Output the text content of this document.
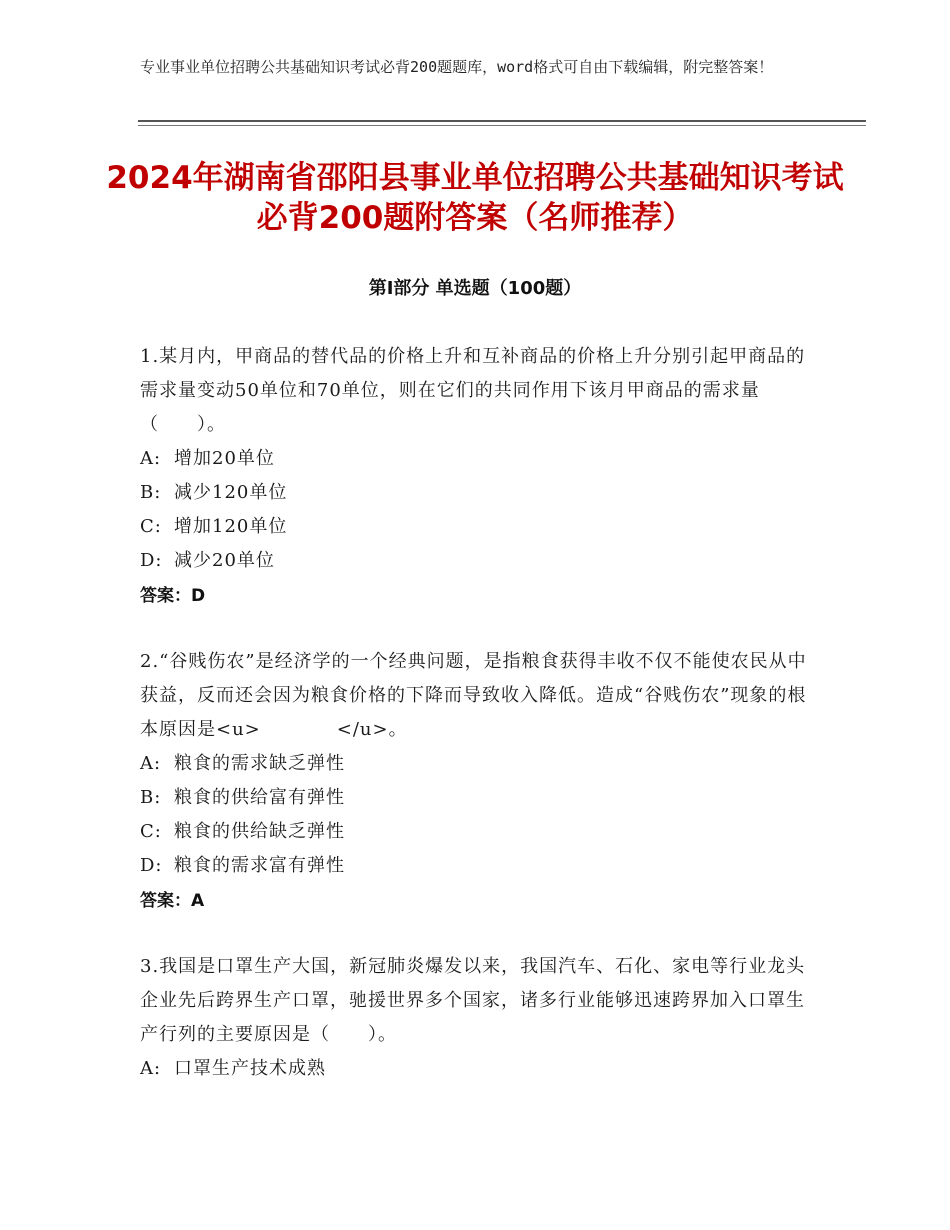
专业事业单位招聘公共基础知识考试必背200题题库，word格式可自由下载编辑，附完整答案！
2024年湖南省邵阳县事业单位招聘公共基础知识考试必背200题附答案（名师推荐）
第Ⅰ部分 单选题（100题）

1.某月内，甲商品的替代品的价格上升和互补商品的价格上升分别引起甲商品的需求量变动50单位和70单位，则在它们的共同作用下该月甲商品的需求量（　　）。

A: 增加20单位
B: 减少120单位
C: 增加120单位
D: 减少20单位
答案：D

2.“谷贱伤农”是经济学的一个经典问题，是指粮食获得丰收不仅不能使农民从中获益，反而还会因为粮食价格的下降而导致收入降低。造成“谷贱伤农”现象的根本原因是<u>　　　　</u>。

A: 粮食的需求缺乏弹性
B: 粮食的供给富有弹性
C: 粮食的供给缺乏弹性
D: 粮食的需求富有弹性
答案：A

3.我国是口罩生产大国，新冠肺炎爆发以来，我国汽车、石化、家电等行业龙头企业先后跨界生产口罩，驰援世界多个国家，诸多行业能够迅速跨界加入口罩生产行列的主要原因是（　　）。

A: 口罩生产技术成熟
